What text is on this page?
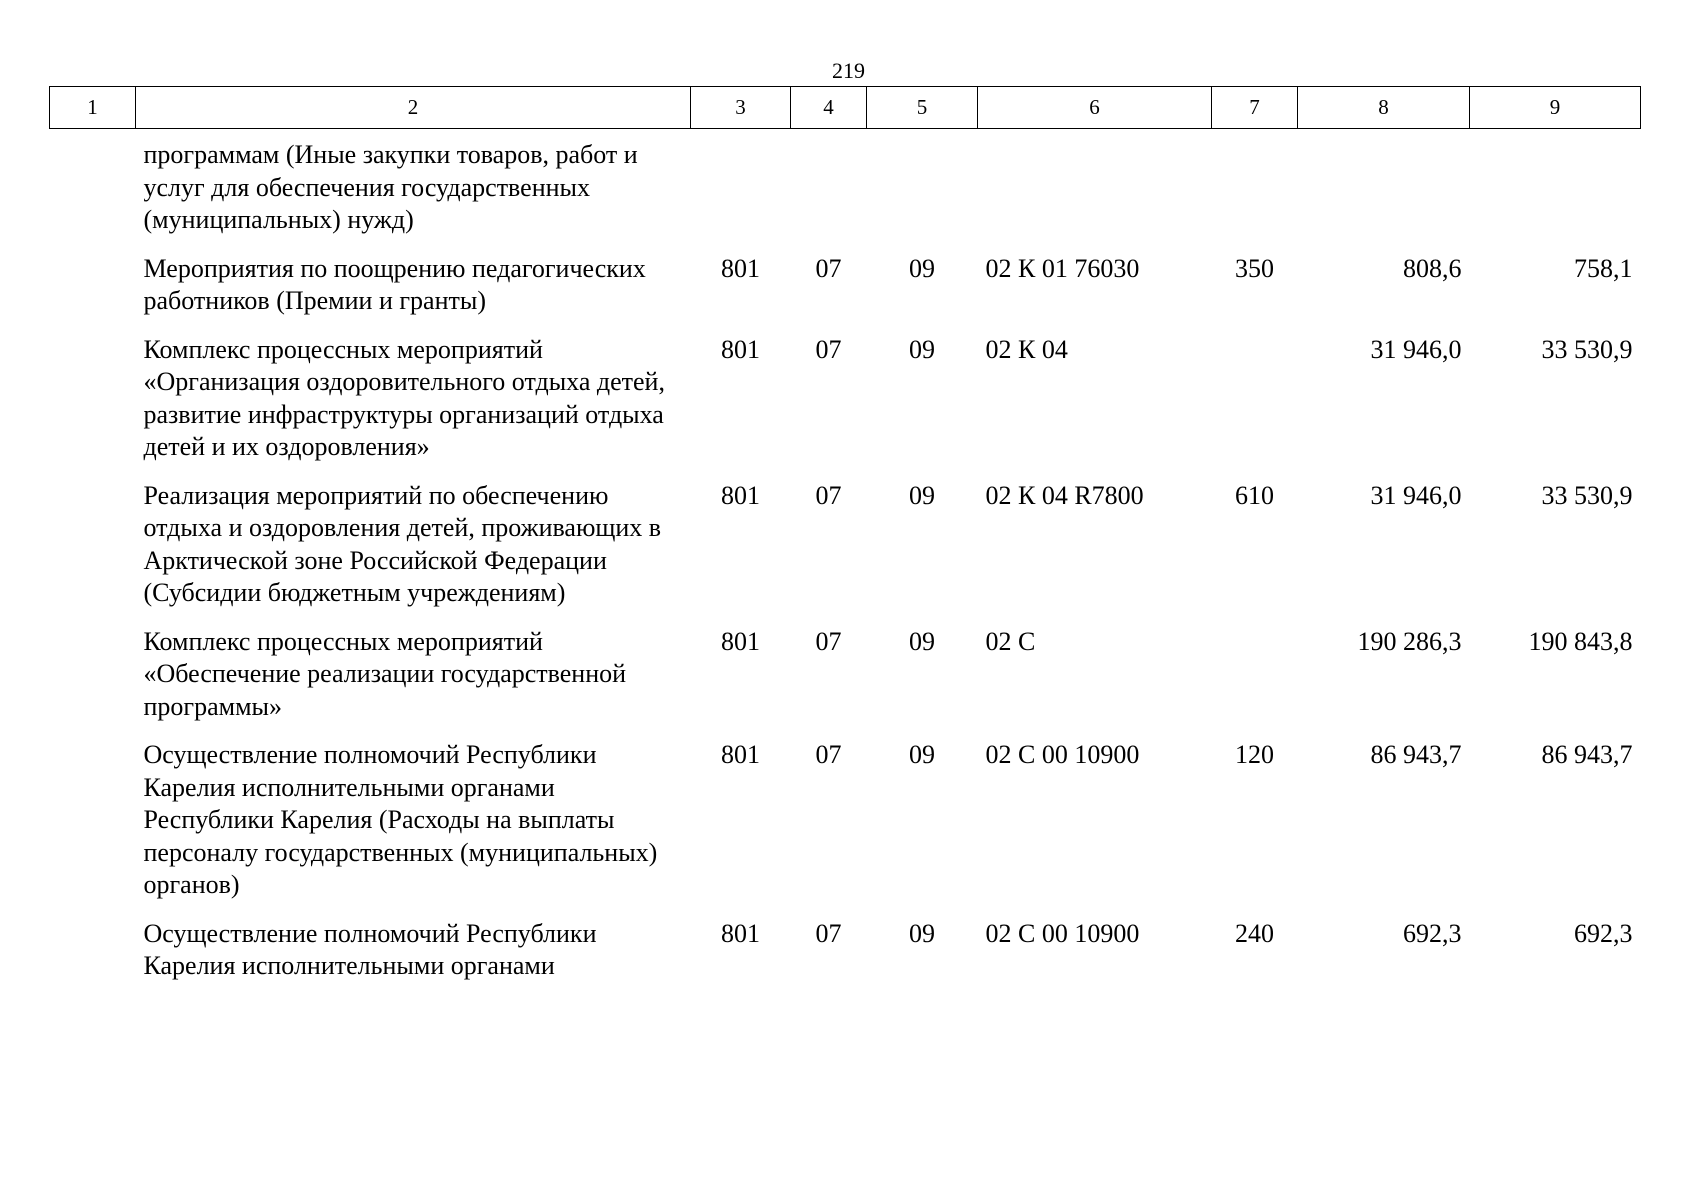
219
1	2	3	4	5	6	7	8	9
	программам (Иные закупки товаров, работ и услуг для обеспечения государственных (муниципальных) нужд)							
	Мероприятия по поощрению педагогических работников (Премии и гранты)	801	07	09	02 К 01 76030	350	808,6	758,1
	Комплекс процессных мероприятий «Организация оздоровительного отдыха детей, развитие инфраструктуры организаций отдыха детей и их оздоровления»	801	07	09	02 К 04		31 946,0	33 530,9
	Реализация мероприятий по обеспечению отдыха и оздоровления детей, проживающих в Арктической зоне Российской Федерации (Субсидии бюджетным учреждениям)	801	07	09	02 К 04 R7800	610	31 946,0	33 530,9
	Комплекс процессных мероприятий «Обеспечение реализации государственной программы»	801	07	09	02 С		190 286,3	190 843,8
	Осуществление полномочий Республики Карелия исполнительными органами Республики Карелия (Расходы на выплаты персоналу государственных (муниципальных) органов)	801	07	09	02 С 00 10900	120	86 943,7	86 943,7
	Осуществление полномочий Республики Карелия исполнительными органами	801	07	09	02 С 00 10900	240	692,3	692,3
